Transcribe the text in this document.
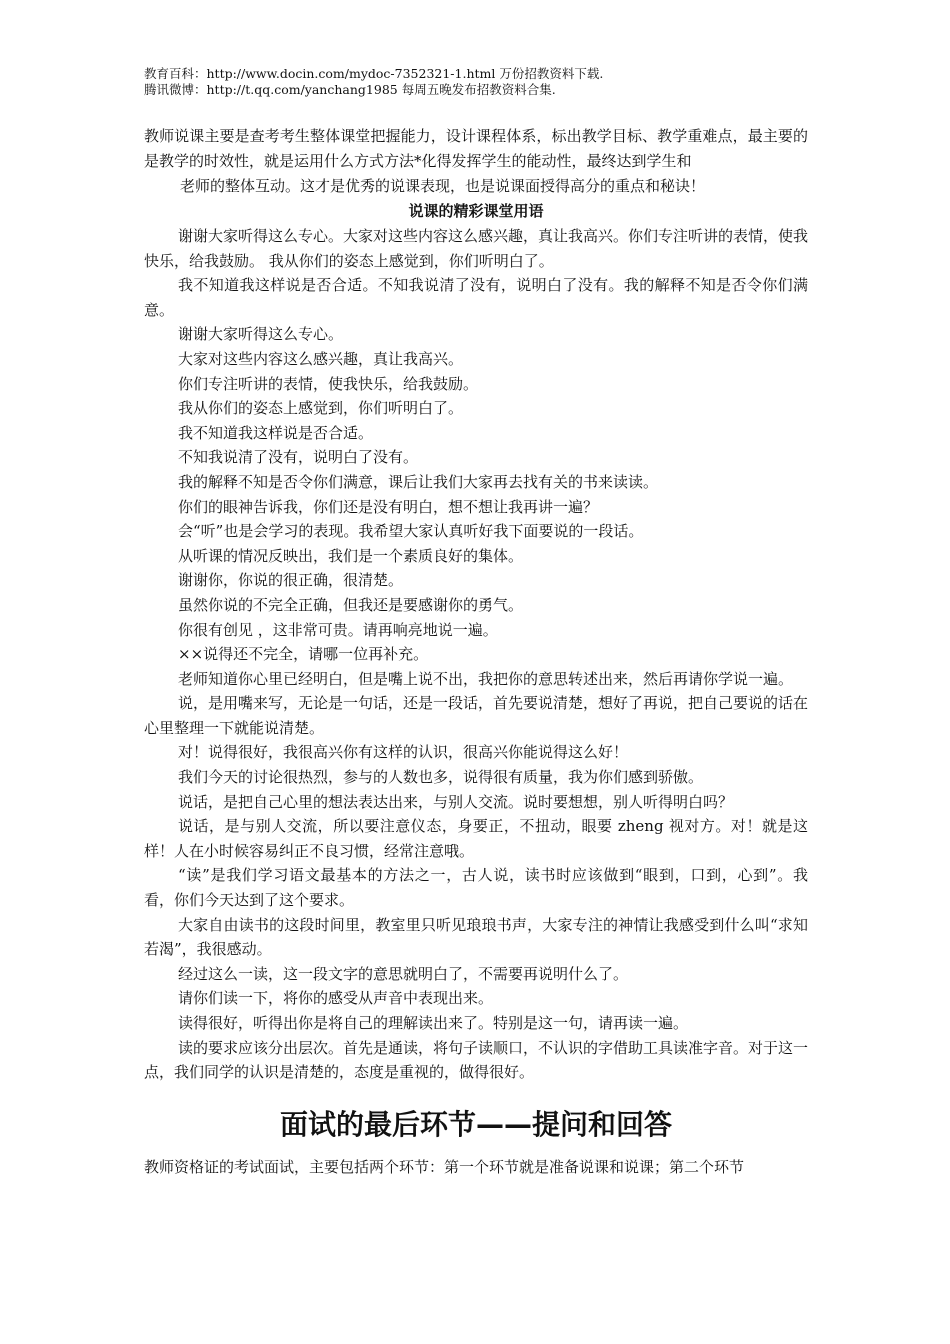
教育百科：http://www.docin.com/mydoc-7352321-1.html 万份招教资料下载.

腾讯微博：http://t.qq.com/yanchang1985 每周五晚发布招教资料合集.

教师说课主要是查考考生整体课堂把握能力，设计课程体系，标出教学目标、教学重难点，最主要的是教学的时效性，就是运用什么方式方法*化得发挥学生的能动性，最终达到学生和
老师的整体互动。这才是优秀的说课表现，也是说课面授得高分的重点和秘诀！

说课的精彩课堂用语

谢谢大家听得这么专心。大家对这些内容这么感兴趣，真让我高兴。你们专注听讲的表情，使我快乐，给我鼓励。 我从你们的姿态上感觉到，你们听明白了。

我不知道我这样说是否合适。不知我说清了没有，说明白了没有。我的解释不知是否令你们满意。

谢谢大家听得这么专心。

大家对这些内容这么感兴趣，真让我高兴。

你们专注听讲的表情，使我快乐，给我鼓励。

我从你们的姿态上感觉到，你们听明白了。

我不知道我这样说是否合适。

不知我说清了没有，说明白了没有。

我的解释不知是否令你们满意，课后让我们大家再去找有关的书来读读。

你们的眼神告诉我，你们还是没有明白，想不想让我再讲一遍？

会“听”也是会学习的表现。我希望大家认真听好我下面要说的一段话。

从听课的情况反映出，我们是一个素质良好的集体。

谢谢你，你说的很正确，很清楚。

虽然你说的不完全正确，但我还是要感谢你的勇气。

你很有创见 ，这非常可贵。请再响亮地说一遍。

××说得还不完全，请哪一位再补充。

老师知道你心里已经明白，但是嘴上说不出，我把你的意思转述出来，然后再请你学说一遍。

说，是用嘴来写，无论是一句话，还是一段话，首先要说清楚，想好了再说，把自己要说的话在心里整理一下就能说清楚。

对！说得很好，我很高兴你有这样的认识，很高兴你能说得这么好！

我们今天的讨论很热烈，参与的人数也多，说得很有质量，我为你们感到骄傲。

说话，是把自己心里的想法表达出来，与别人交流。说时要想想，别人听得明白吗？

说话，是与别人交流，所以要注意仪态，身要正，不扭动，眼要 zheng 视对方。对！就是这样！人在小时候容易纠正不良习惯，经常注意哦。

“读”是我们学习语文最基本的方法之一，古人说，读书时应该做到“眼到，口到，心到”。我看，你们今天达到了这个要求。

大家自由读书的这段时间里，教室里只听见琅琅书声，大家专注的神情让我感受到什么叫“求知若渴”，我很感动。

经过这么一读，这一段文字的意思就明白了，不需要再说明什么了。

请你们读一下，将你的感受从声音中表现出来。

读得很好，听得出你是将自己的理解读出来了。特别是这一句，请再读一遍。

读的要求应该分出层次。首先是通读，将句子读顺口，不认识的字借助工具读准字音。对于这一点，我们同学的认识是清楚的，态度是重视的，做得很好。

面试的最后环节——提问和回答

教师资格证的考试面试，主要包括两个环节：第一个环节就是准备说课和说课；第二个环节
